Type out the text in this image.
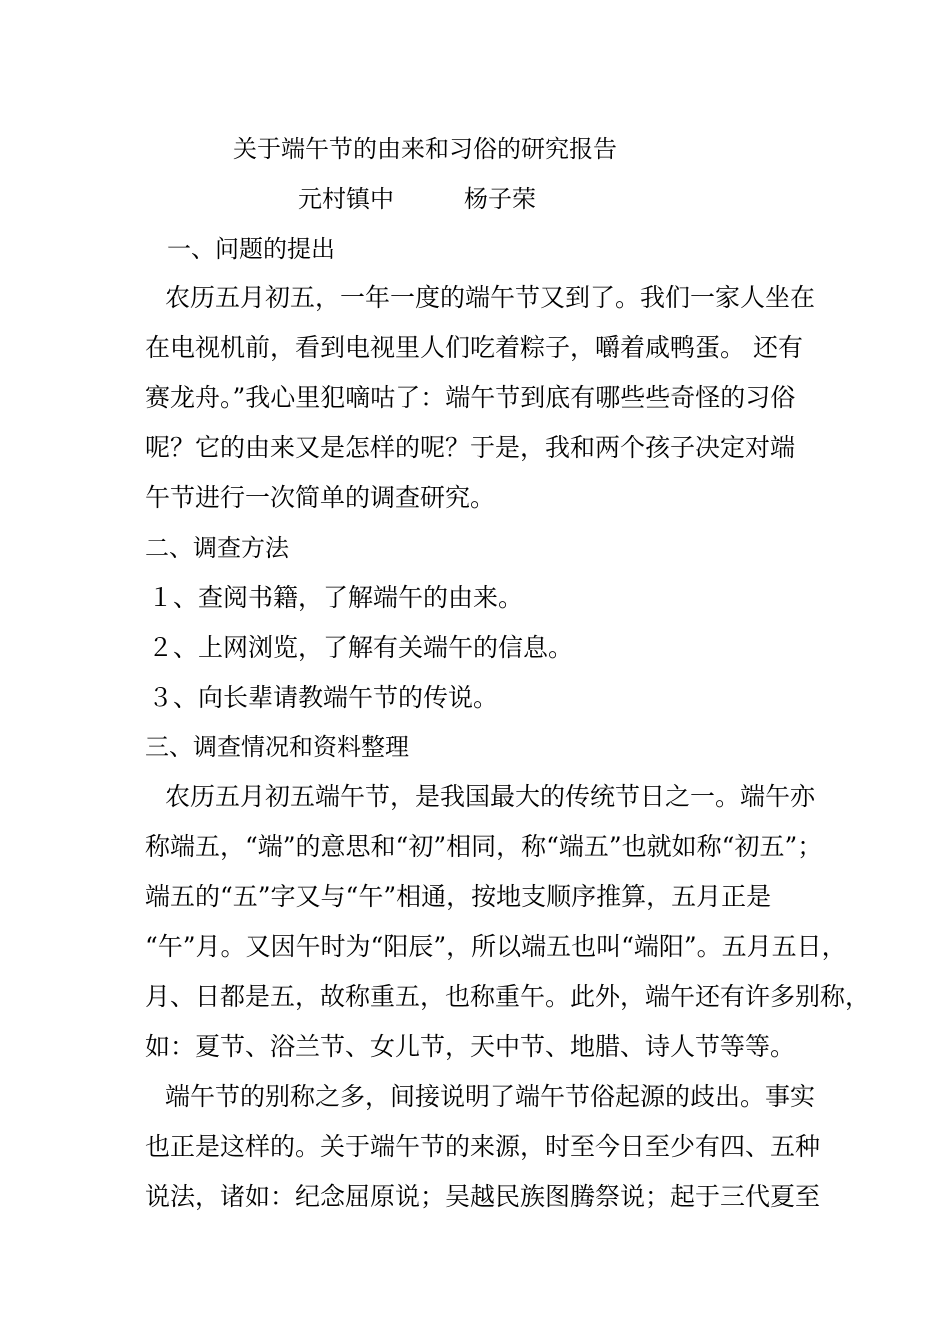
关于端午节的由来和习俗的研究报告
元村镇中	杨子荣
一、问题的提出
农历五月初五，一年一度的端午节又到了。我们一家人坐在
在电视机前，看到电视里人们吃着粽子，嚼着咸鸭蛋。 还有
赛龙舟。”我心里犯嘀咕了：端午节到底有哪些些奇怪的习俗
呢？它的由来又是怎样的呢？于是，我和两个孩子决定对端
午节进行一次简单的调查研究。
二、调查方法
１、查阅书籍，了解端午的由来。
２、上网浏览，了解有关端午的信息。
３、向长辈请教端午节的传说。
三、调查情况和资料整理
农历五月初五端午节，是我国最大的传统节日之一。端午亦
称端五，“端”的意思和“初”相同，称“端五”也就如称“初五”；
端五的“五”字又与“午”相通，按地支顺序推算，五月正是
“午”月。又因午时为“阳辰”，所以端五也叫“端阳”。五月五日，
月、日都是五，故称重五，也称重午。此外，端午还有许多别称，
如：夏节、浴兰节、女儿节，天中节、地腊、诗人节等等。
端午节的别称之多，间接说明了端午节俗起源的歧出。事实
也正是这样的。关于端午节的来源，时至今日至少有四、五种
说法，诸如：纪念屈原说；吴越民族图腾祭说；起于三代夏至
